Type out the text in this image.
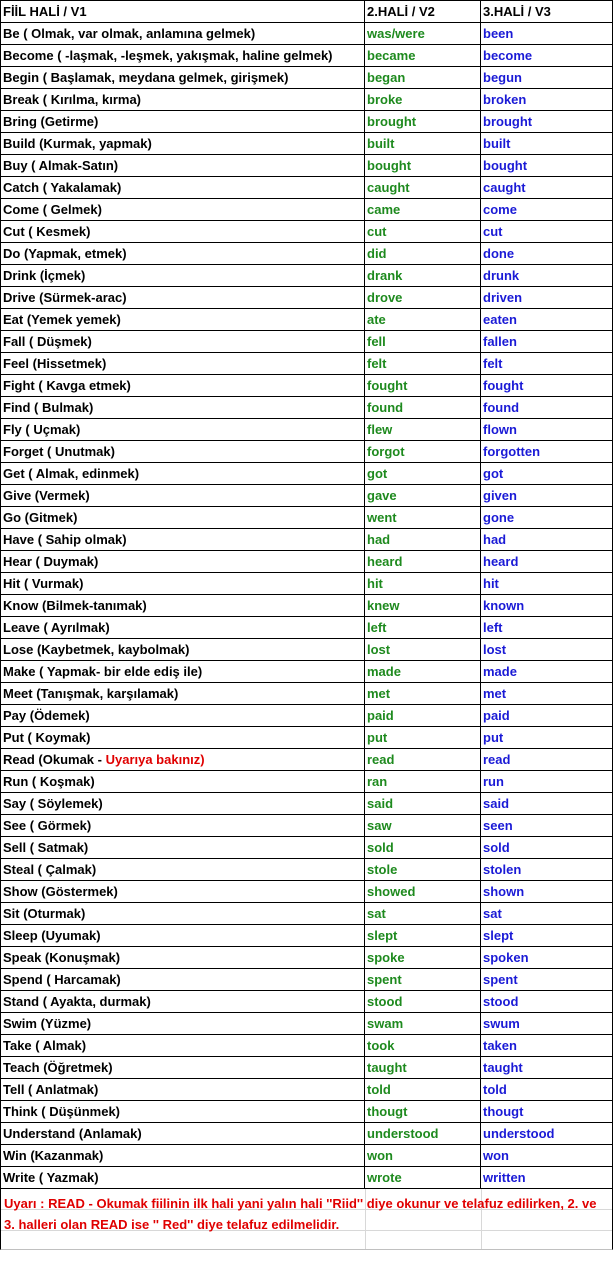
FİİL HALİ / V1	2.HALİ / V2	3.HALİ / V3
Be ( Olmak, var olmak, anlamına gelmek)	was/were	been
Become ( -laşmak, -leşmek, yakışmak, haline gelmek)	became	become
Begin ( Başlamak, meydana gelmek, girişmek)	began	begun
Break ( Kırılma, kırma)	broke	broken
Bring (Getirme)	brought	brought
Build (Kurmak, yapmak)	built	built
Buy ( Almak-Satın)	bought	bought
Catch ( Yakalamak)	caught	caught
Come ( Gelmek)	came	come
Cut ( Kesmek)	cut	cut
Do (Yapmak, etmek)	did	done
Drink (İçmek)	drank	drunk
Drive (Sürmek-arac)	drove	driven
Eat (Yemek yemek)	ate	eaten
Fall ( Düşmek)	fell	fallen
Feel (Hissetmek)	felt	felt
Fight ( Kavga etmek)	fought	fought
Find ( Bulmak)	found	found
Fly ( Uçmak)	flew	flown
Forget ( Unutmak)	forgot	forgotten
Get ( Almak, edinmek)	got	got
Give (Vermek)	gave	given
Go (Gitmek)	went	gone
Have ( Sahip olmak)	had	had
Hear ( Duymak)	heard	heard
Hit ( Vurmak)	hit	hit
Know (Bilmek-tanımak)	knew	known
Leave ( Ayrılmak)	left	left
Lose (Kaybetmek, kaybolmak)	lost	lost
Make ( Yapmak- bir elde ediş ile)	made	made
Meet (Tanışmak, karşılamak)	met	met
Pay (Ödemek)	paid	paid
Put ( Koymak)	put	put
Read (Okumak - Uyarıya bakınız)	read	read
Run ( Koşmak)	ran	run
Say ( Söylemek)	said	said
See ( Görmek)	saw	seen
Sell ( Satmak)	sold	sold
Steal ( Çalmak)	stole	stolen
Show (Göstermek)	showed	shown
Sit (Oturmak)	sat	sat
Sleep (Uyumak)	slept	slept
Speak (Konuşmak)	spoke	spoken
Spend ( Harcamak)	spent	spent
Stand ( Ayakta, durmak)	stood	stood
Swim (Yüzme)	swam	swum
Take ( Almak)	took	taken
Teach (Öğretmek)	taught	taught
Tell ( Anlatmak)	told	told
Think ( Düşünmek)	thougt	thougt
Understand (Anlamak)	understood	understood
Win (Kazanmak)	won	won
Write ( Yazmak)	wrote	written
Uyarı : READ - Okumak fiilinin ilk hali yani yalın hali ''Riid'' diye okunur ve telafuz edilirken, 2. ve 3. halleri olan READ ise '' Red'' diye telafuz edilmelidir.
